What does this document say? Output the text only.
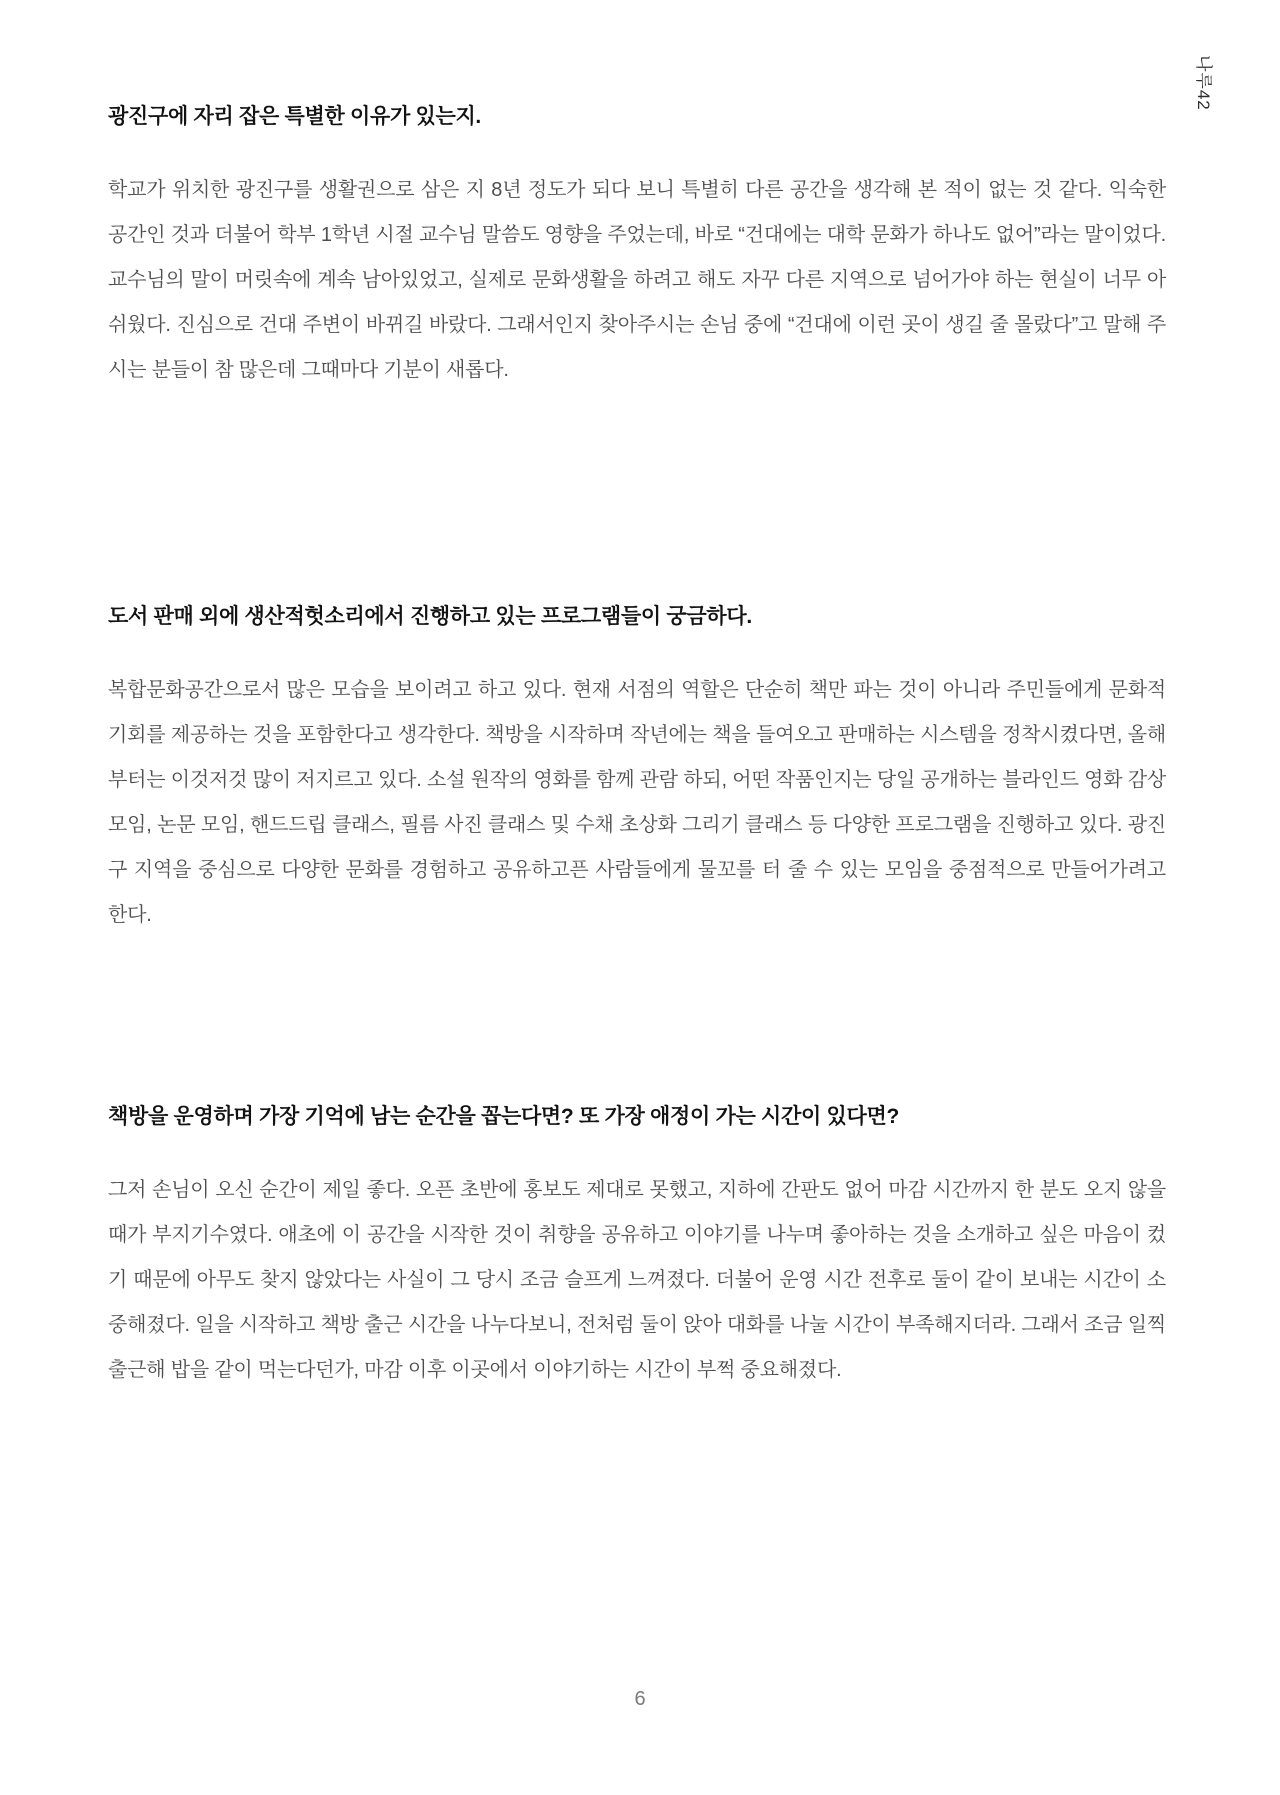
나루42
광진구에 자리 잡은 특별한 이유가 있는지.

학교가 위치한 광진구를 생활권으로 삼은 지 8년 정도가 되다 보니 특별히 다른 공간을 생각해 본 적이 없는 것 같다. 익숙한 공간인 것과 더불어 학부 1학년 시절 교수님 말씀도 영향을 주었는데, 바로 “건대에는 대학 문화가 하나도 없어”라는 말이었다. 교수님의 말이 머릿속에 계속 남아있었고, 실제로 문화생활을 하려고 해도 자꾸 다른 지역으로 넘어가야 하는 현실이 너무 아쉬웠다. 진심으로 건대 주변이 바뀌길 바랐다. 그래서인지 찾아주시는 손님 중에 “건대에 이런 곳이 생길 줄 몰랐다”고 말해 주시는 분들이 참 많은데 그때마다 기분이 새롭다.

도서 판매 외에 생산적헛소리에서 진행하고 있는 프로그램들이 궁금하다.

복합문화공간으로서 많은 모습을 보이려고 하고 있다. 현재 서점의 역할은 단순히 책만 파는 것이 아니라 주민들에게 문화적 기회를 제공하는 것을 포함한다고 생각한다. 책방을 시작하며 작년에는 책을 들여오고 판매하는 시스템을 정착시켰다면, 올해부터는 이것저것 많이 저지르고 있다. 소설 원작의 영화를 함께 관람 하되, 어떤 작품인지는 당일 공개하는 블라인드 영화 감상 모임, 논문 모임, 핸드드립 클래스, 필름 사진 클래스 및 수채 초상화 그리기 클래스 등 다양한 프로그램을 진행하고 있다. 광진구 지역을 중심으로 다양한 문화를 경험하고 공유하고픈 사람들에게 물꼬를 터 줄 수 있는 모임을 중점적으로 만들어가려고 한다.

책방을 운영하며 가장 기억에 남는 순간을 꼽는다면? 또 가장 애정이 가는 시간이 있다면?

그저 손님이 오신 순간이 제일 좋다. 오픈 초반에 홍보도 제대로 못했고, 지하에 간판도 없어 마감 시간까지 한 분도 오지 않을 때가 부지기수였다. 애초에 이 공간을 시작한 것이 취향을 공유하고 이야기를 나누며 좋아하는 것을 소개하고 싶은 마음이 컸기 때문에 아무도 찾지 않았다는 사실이 그 당시 조금 슬프게 느껴졌다. 더불어 운영 시간 전후로 둘이 같이 보내는 시간이 소중해졌다. 일을 시작하고 책방 출근 시간을 나누다보니, 전처럼 둘이 앉아 대화를 나눌 시간이 부족해지더라. 그래서 조금 일찍 출근해 밥을 같이 먹는다던가, 마감 이후 이곳에서 이야기하는 시간이 부쩍 중요해졌다.

6
